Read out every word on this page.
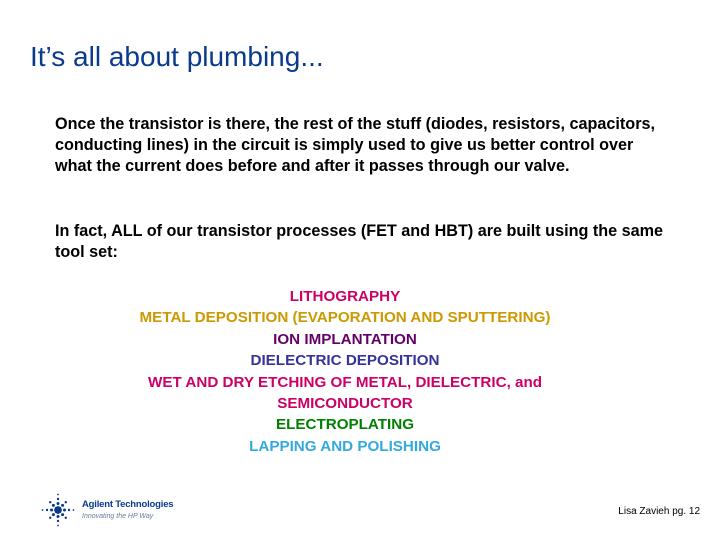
It’s all about plumbing...

Once the transistor is there, the rest of the stuff (diodes, resistors, capacitors, conducting lines) in the circuit is simply used to give us better control over what the current does before and after it passes through our valve.

In fact, ALL of our transistor processes (FET and HBT) are built using the same tool set:

LITHOGRAPHY
METAL DEPOSITION (EVAPORATION AND SPUTTERING)
ION IMPLANTATION
DIELECTRIC DEPOSITION
WET AND DRY ETCHING OF METAL, DIELECTRIC, and
SEMICONDUCTOR
ELECTROPLATING
LAPPING AND POLISHING
Agilent Technologies
Innovating the HP Way	Lisa Zavieh pg. 12
